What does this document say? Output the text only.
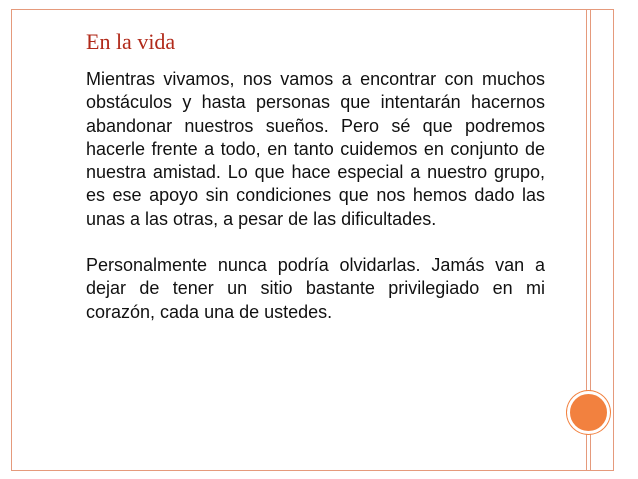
En la vida

Mientras vivamos, nos vamos a encontrar con muchos obstáculos y hasta personas que intentarán hacernos abandonar nuestros sueños. Pero sé que podremos hacerle frente a todo, en tanto cuidemos en conjunto de nuestra amistad. Lo que hace especial a nuestro grupo, es ese apoyo sin condiciones que nos hemos dado las unas a las otras, a pesar de las dificultades.

Personalmente nunca podría olvidarlas. Jamás van a dejar de tener un sitio bastante privilegiado en mi corazón, cada una de ustedes.
